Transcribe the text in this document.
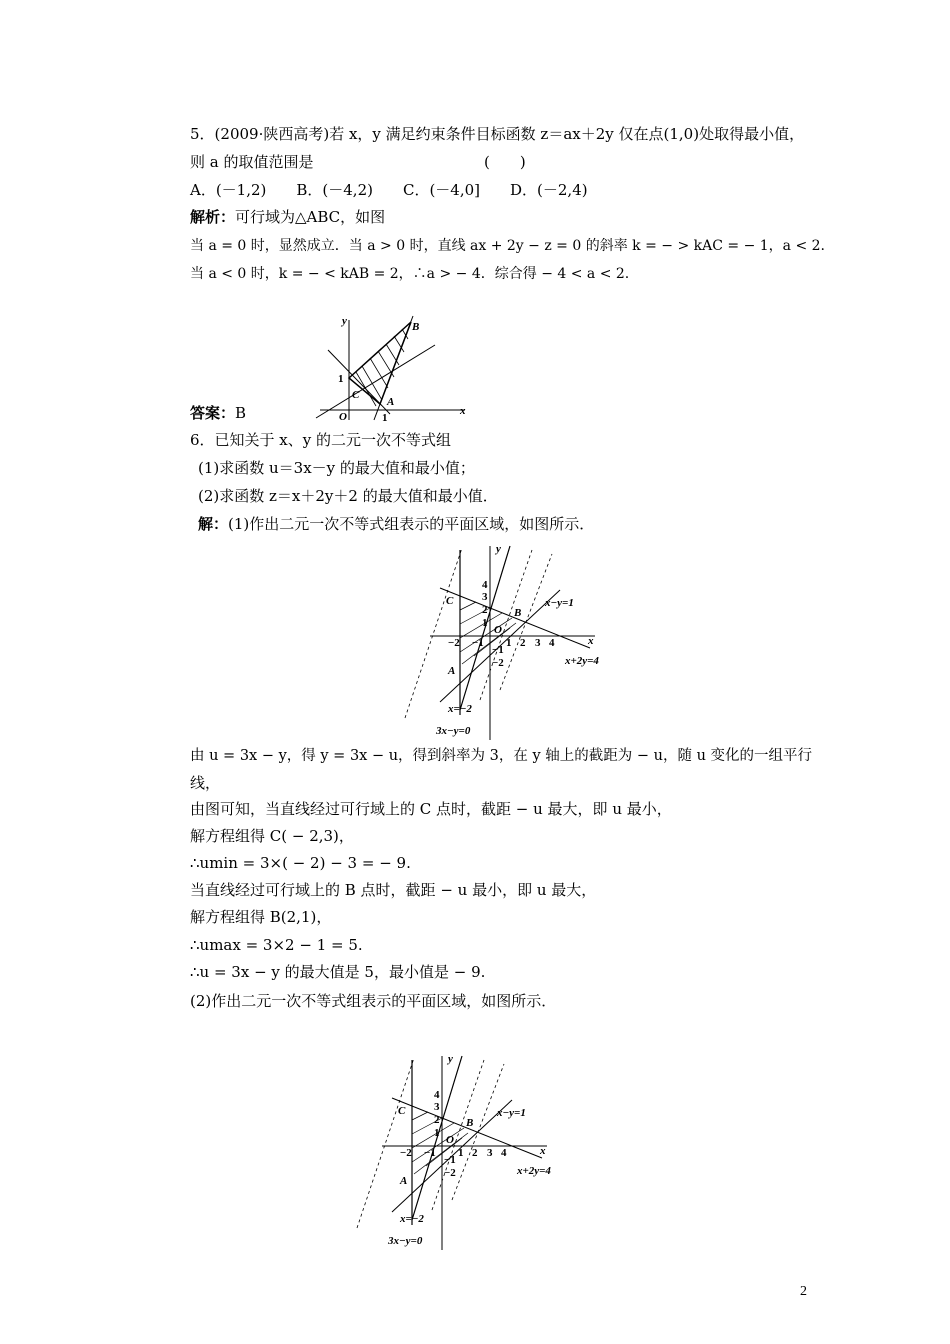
5．(2009·陕西高考)若 x，y 满足约束条件目标函数 z＝ax＋2y 仅在点(1,0)处取得最小值，
则 a 的取值范围是	(　　)
A．(－1,2)　　B．(－4,2)　　C．(－4,0]　　D．(－2,4)
解析：可行域为△ABC，如图
当 a = 0 时，显然成立．当 a > 0 时，直线 ax + 2y − z = 0 的斜率 k = − > kAC = − 1，a < 2.
当 a < 0 时，k = − < kAB = 2，∴a > − 4．综合得 − 4 < a < 2.
y
x
B
C
A
O
1
1
答案：B
6．已知关于 x、y 的二元一次不等式组
(1)求函数 u＝3x－y 的最大值和最小值；
(2)求函数 z＝x＋2y＋2 的最大值和最小值．
解：(1)作出二元一次不等式组表示的平面区域，如图所示．
y
x
C
B
A
O
4
3
2
1
−1
−2
−2 −1 1 2 3 4
x−y=1
x+2y=4
x=−2
3x−y=0
由 u = 3x − y，得 y = 3x − u，得到斜率为 3，在 y 轴上的截距为 − u，随 u 变化的一组平行
线，
由图可知，当直线经过可行域上的 C 点时，截距 − u 最大，即 u 最小，
解方程组得 C( − 2,3)，
∴umin = 3×( − 2) − 3 = − 9.
当直线经过可行域上的 B 点时，截距 − u 最小，即 u 最大，
解方程组得 B(2,1)，
∴umax = 3×2 − 1 = 5.
∴u = 3x − y 的最大值是 5，最小值是 − 9.
(2)作出二元一次不等式组表示的平面区域，如图所示．
y
x
C
B
A
O
4
3
2
1
−1
−2
−2 −1 1 2 3 4
x−y=1
x+2y=4
x=−2
3x−y=0
2
